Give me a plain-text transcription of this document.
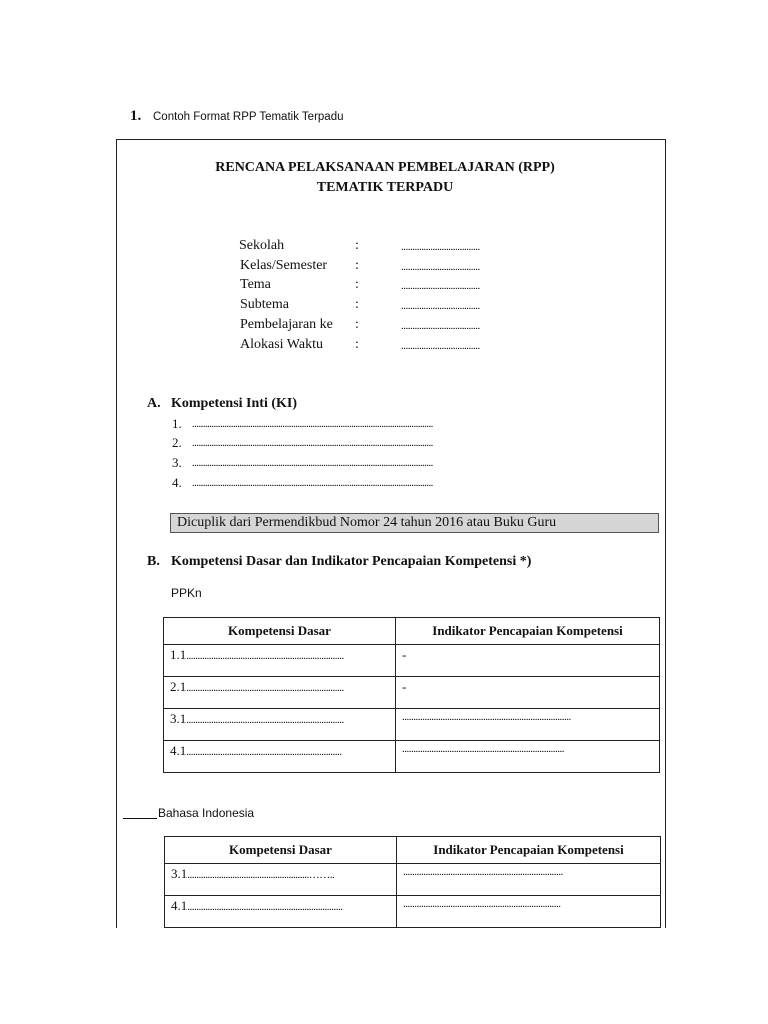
1. Contoh Format RPP Tematik Terpadu
RENCANA PELAKSANAAN PEMBELAJARAN (RPP)
TEMATIK TERPADU
Sekolah	:	...................................
Kelas/Semester :	...................................
Tema	:	...................................
Subtema	:	...................................
Pembelajaran ke :	...................................
Alokasi Waktu :	...................................
A. Kompetensi Inti (KI)
1. ................................................................................................................
2. ................................................................................................................
3. ................................................................................................................
4. ................................................................................................................
Dicuplik dari Permendikbud Nomor 24 tahun 2016 atau Buku Guru
B. Kompetensi Dasar dan Indikator Pencapaian Kompetensi *)
PPKn
Kompetensi Dasar	Indikator Pencapaian Kompetensi
1.1......................................................................	-
2.1......................................................................	-
3.1......................................................................	...........................................................................
4.1.....................................................................	........................................................................
Kompetensi Dasar	Indikator Pencapaian Kompetensi
3.1......................................................……..	.......................................................................
4.1.....................................................................	......................................................................
Bahasa Indonesia
